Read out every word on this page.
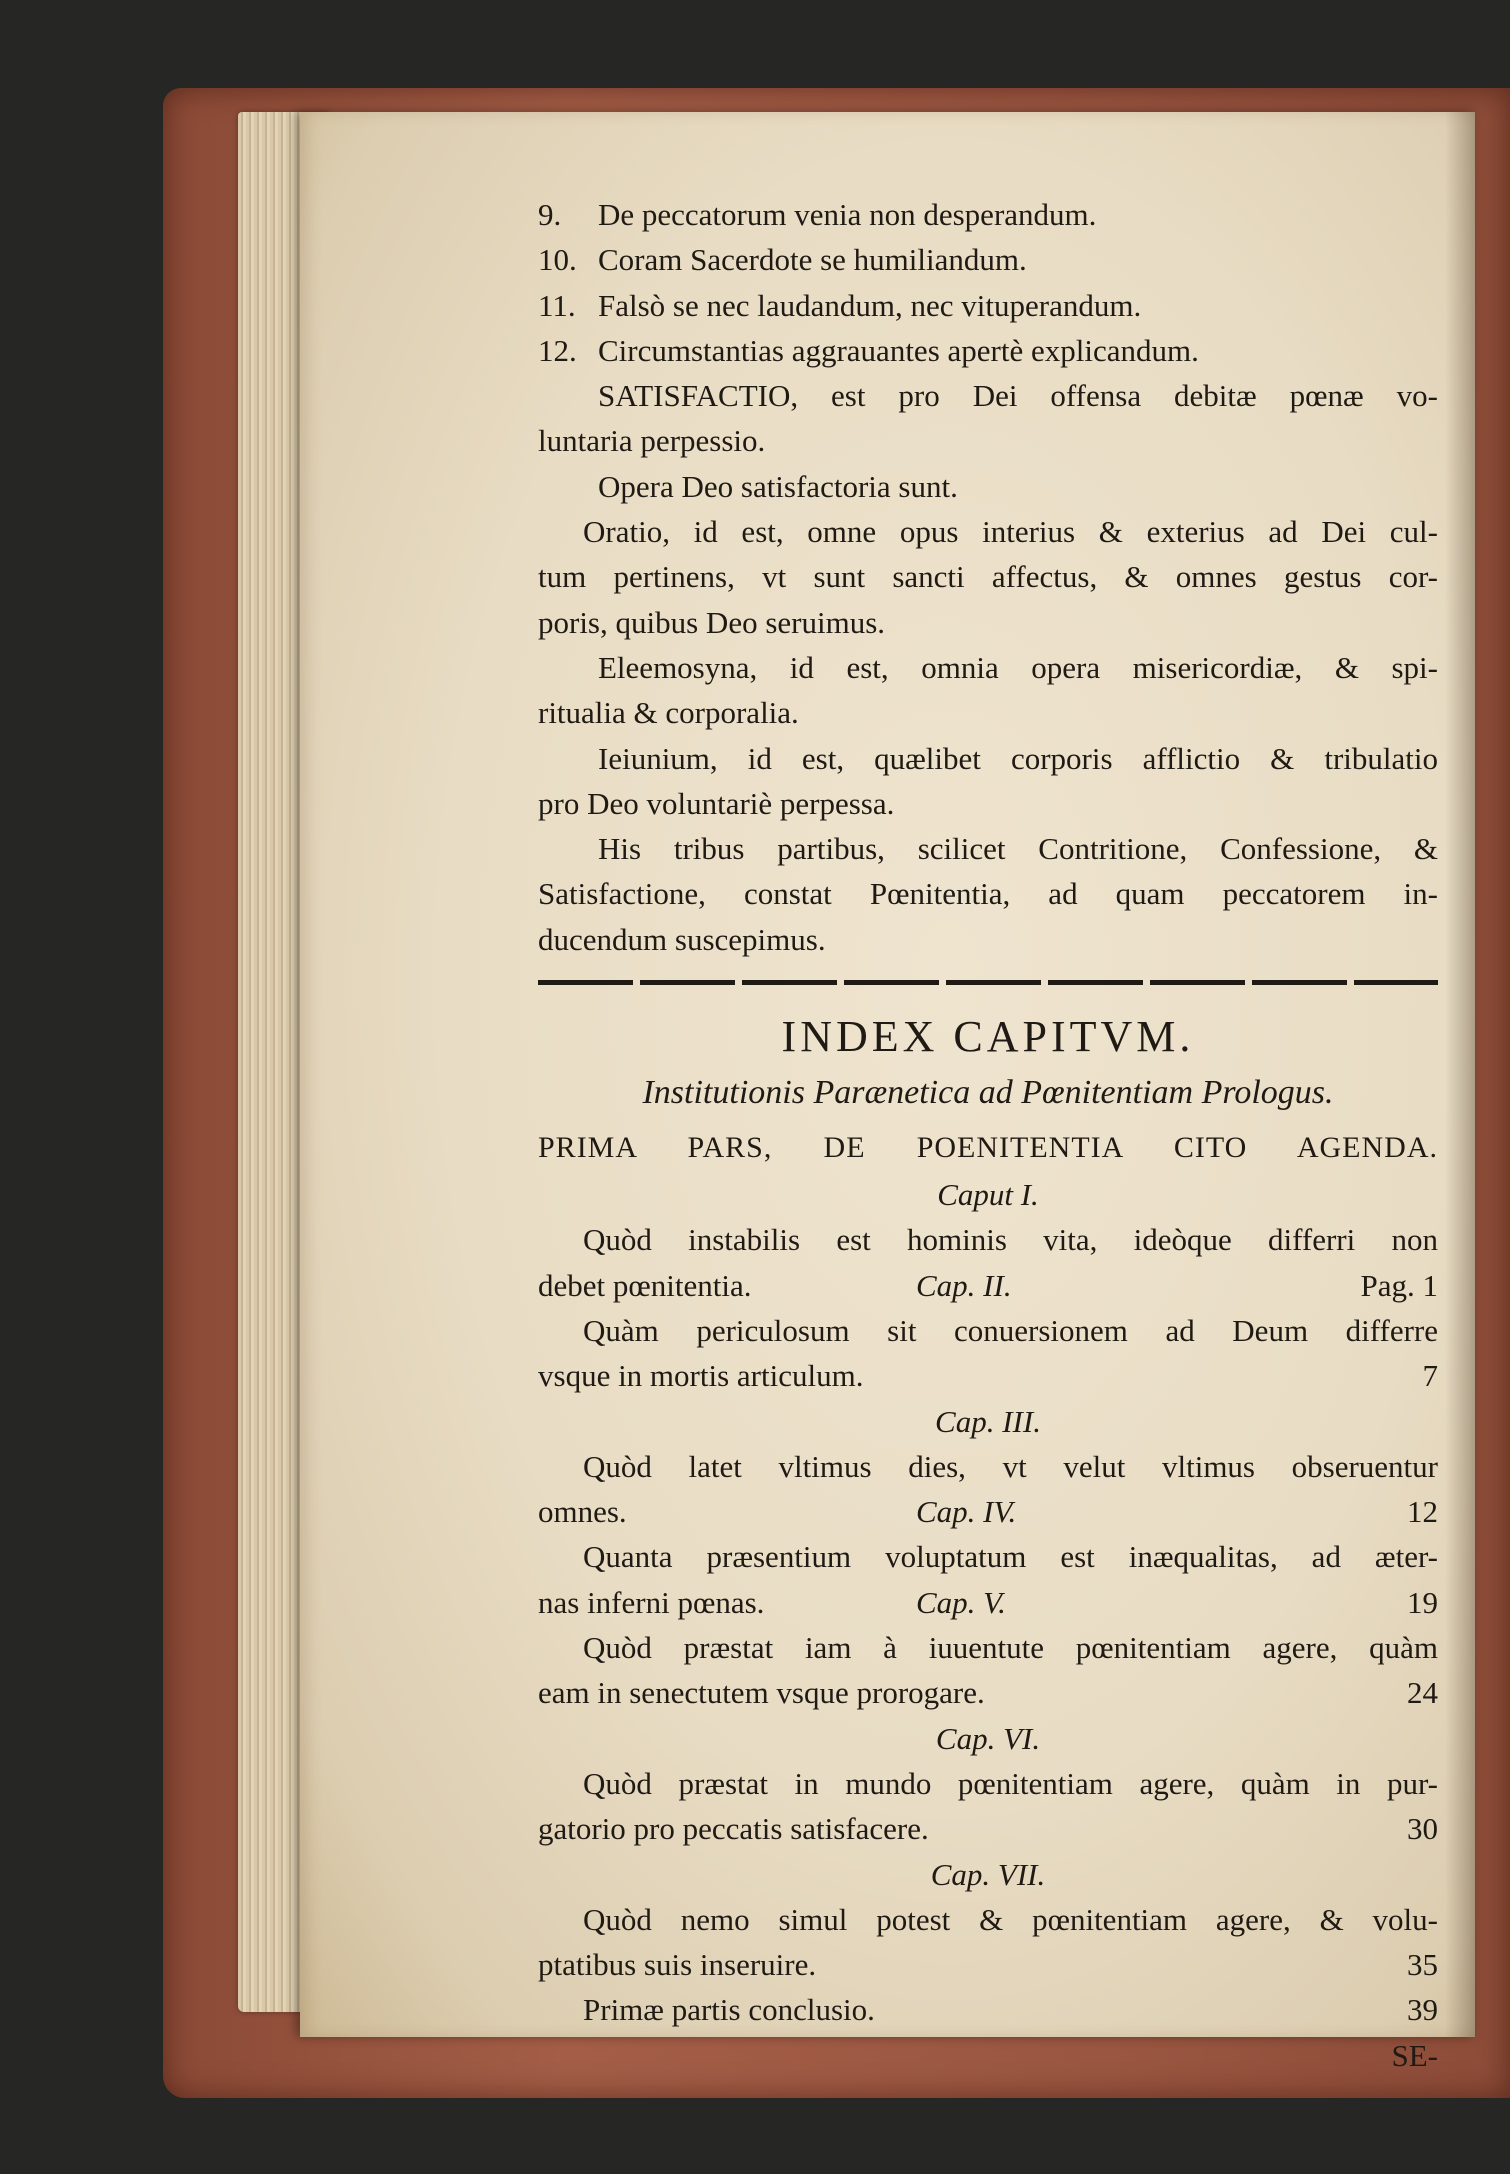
9. De peccatorum venia non desperandum.
10. Coram Sacerdote se humiliandum.
11. Falsò se nec laudandum, nec vituperandum.
12. Circumstantias aggrauantes apertè explicandum.
SATISFACTIO, est pro Dei offensa debitæ pœnæ vo-
luntaria perpessio.
Opera Deo satisfactoria sunt.
Oratio, id est, omne opus interius & exterius ad Dei cul-
tum pertinens, vt sunt sancti affectus, & omnes gestus cor-
poris, quibus Deo seruimus.
Eleemosyna, id est, omnia opera misericordiæ, & spi-
ritualia & corporalia.
Ieiunium, id est, quælibet corporis afflictio & tribulatio
pro Deo voluntariè perpessa.
His tribus partibus, scilicet Contritione, Confessione, &
Satisfactione, constat Pœnitentia, ad quam peccatorem in-
ducendum suscepimus.
INDEX CAPITVM.
Institutionis Parænetica ad Pœnitentiam Prologus.
PRIMA PARS, DE POENITENTIA CITO AGENDA.
Caput I.
Quòd instabilis est hominis vita, ideòque differri non
debet pœnitentia.	Cap. II.	Pag. 1
Quàm periculosum sit conuersionem ad Deum differre
vsque in mortis articulum.	7
Cap. III.
Quòd latet vltimus dies, vt velut vltimus obseruentur
omnes.	Cap. IV.	12
Quanta præsentium voluptatum est inæqualitas, ad æter-
nas inferni pœnas.	Cap. V.	19
Quòd præstat iam à iuuentute pœnitentiam agere, quàm
eam in senectutem vsque prorogare.	24
Cap. VI.
Quòd præstat in mundo pœnitentiam agere, quàm in pur-
gatorio pro peccatis satisfacere.	30
Cap. VII.
Quòd nemo simul potest & pœnitentiam agere, & volu-
ptatibus suis inseruire.	35
Primæ partis conclusio.	39
SE-
